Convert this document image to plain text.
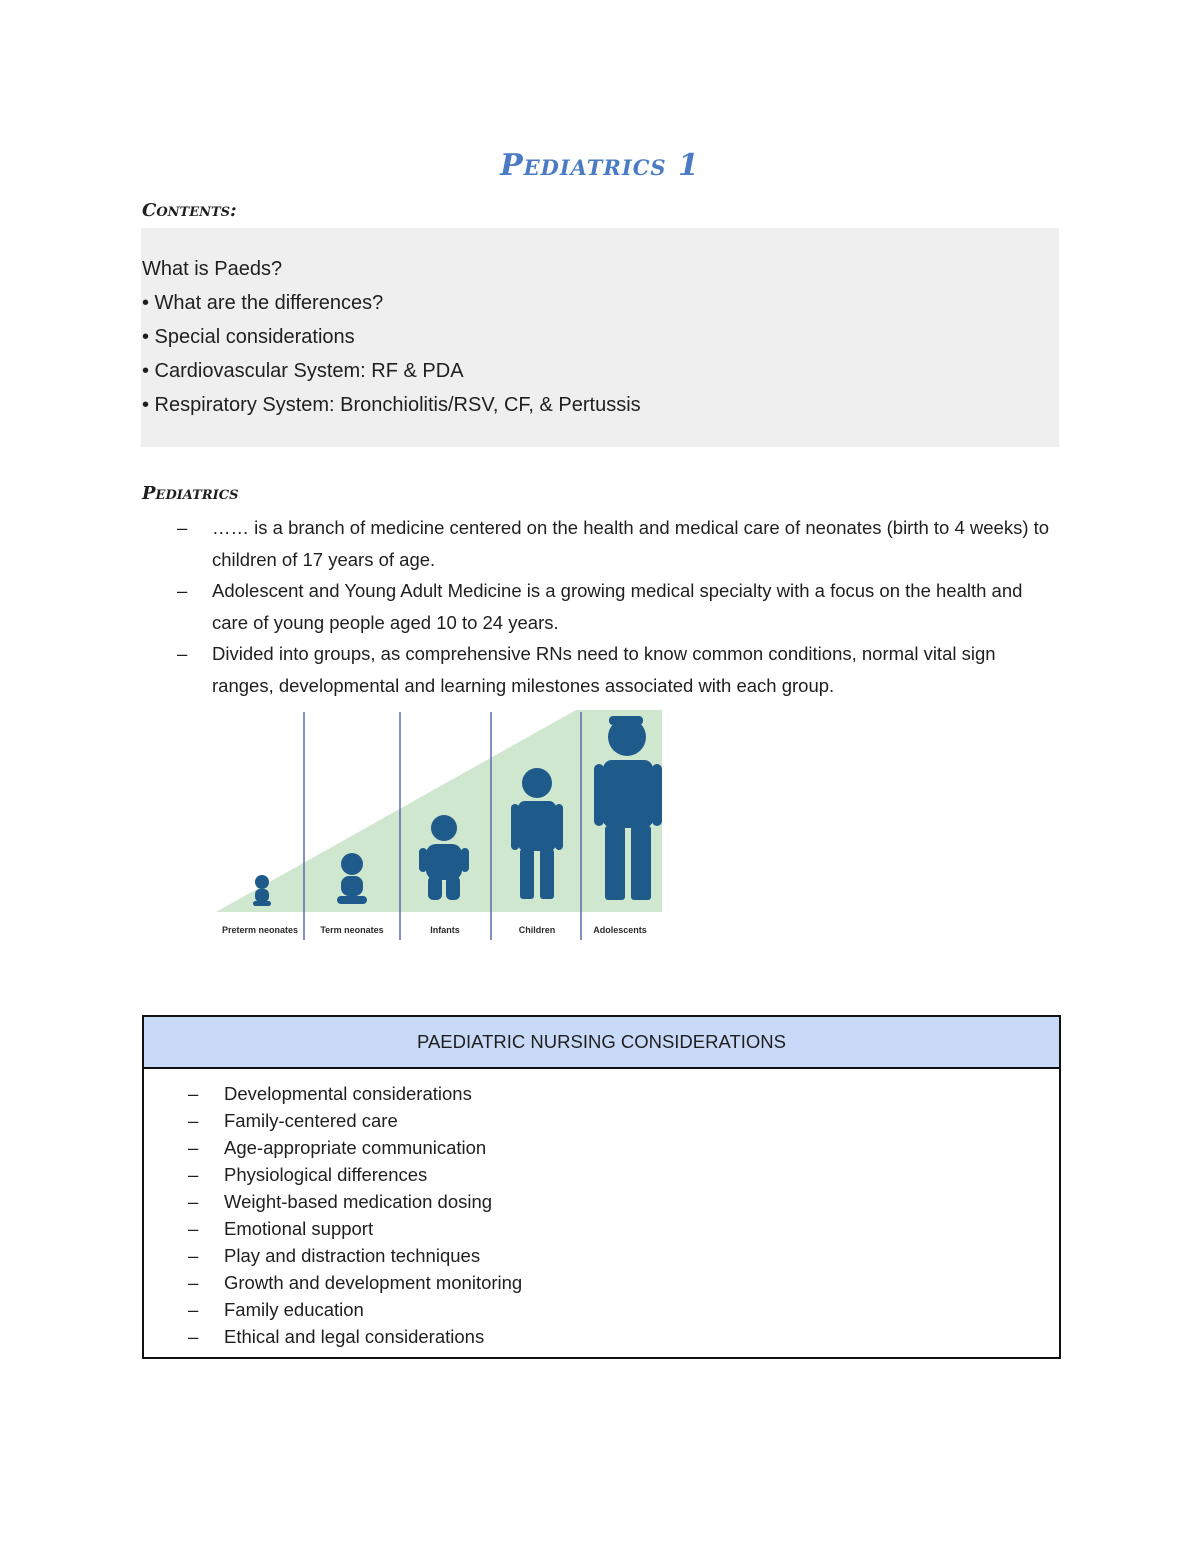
Pediatrics 1
Contents:
What is Paeds?
• What are the differences?
• Special considerations
• Cardiovascular System: RF & PDA
• Respiratory System: Bronchiolitis/RSV, CF, & Pertussis
Pediatrics
– …… is a branch of medicine centered on the health and medical care of neonates (birth to 4 weeks) to children of 17 years of age.
– Adolescent and Young Adult Medicine is a growing medical specialty with a focus on the health and care of young people aged 10 to 24 years.
– Divided into groups, as comprehensive RNs need to know common conditions, normal vital sign ranges, developmental and learning milestones associated with each group.
Preterm neonates Term neonates	Infants	Children	Adolescents
PAEDIATRIC NURSING CONSIDERATIONS
– Developmental considerations
– Family-centered care
– Age-appropriate communication
– Physiological differences
– Weight-based medication dosing
– Emotional support
– Play and distraction techniques
– Growth and development monitoring
– Family education
– Ethical and legal considerations
